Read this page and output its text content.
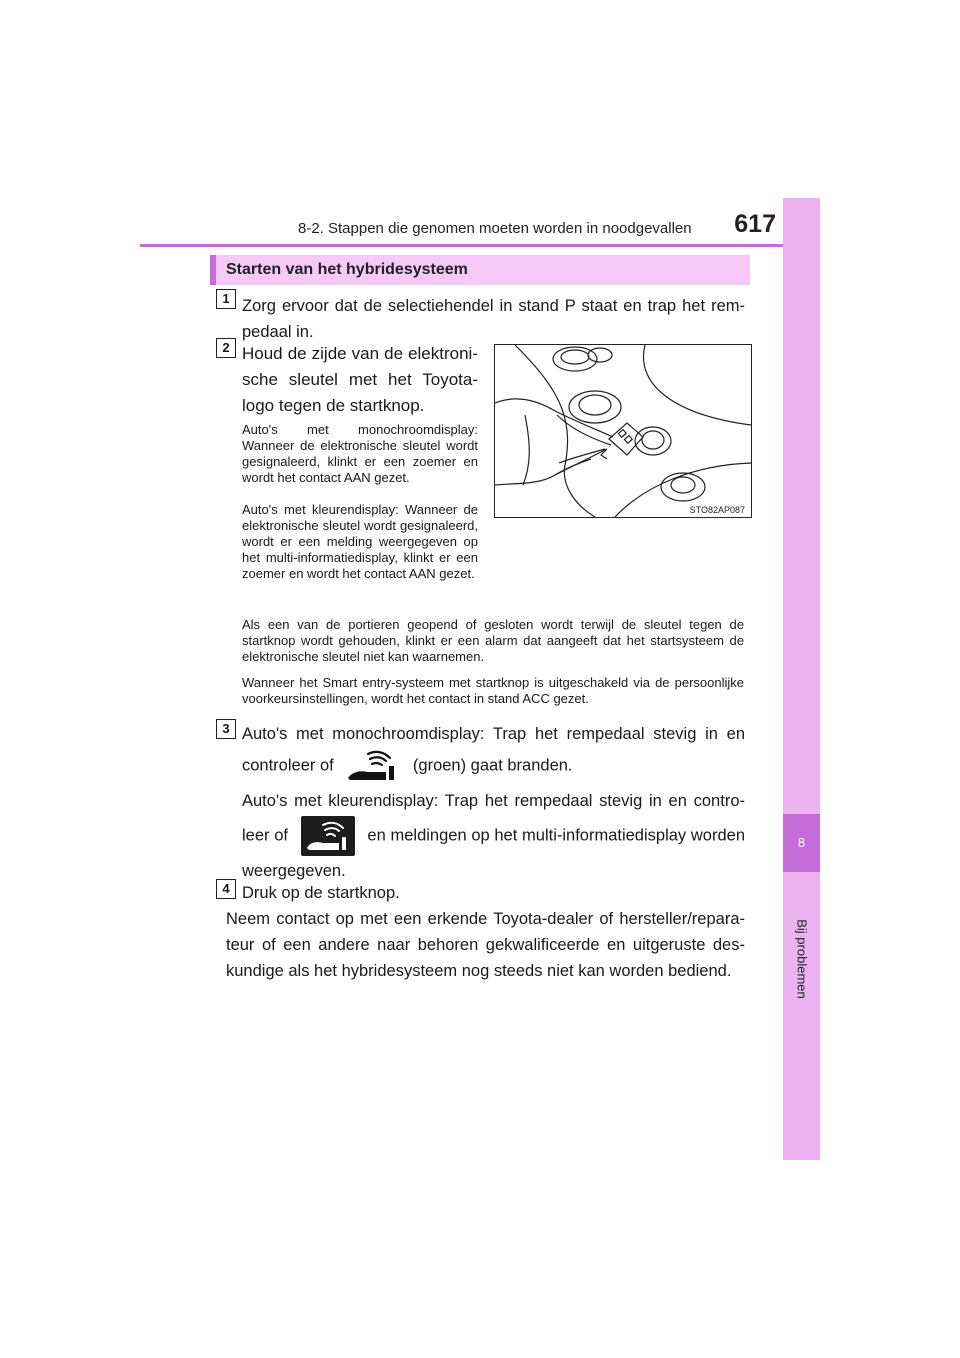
8-2. Stappen die genomen moeten worden in noodgevallen	617
8
Bij problemen
Starten van het hybridesysteem
1 Zorg ervoor dat de selectiehendel in stand P staat en trap het rempedaal in.
2 Houd de zijde van de elektronische sleutel met het Toyota-logo tegen de startknop.
Auto's met monochroomdisplay: Wanneer de elektronische sleutel wordt gesignaleerd, klinkt er een zoemer en wordt het contact AAN gezet.
Auto's met kleurendisplay: Wanneer de elektronische sleutel wordt gesignaleerd, wordt er een melding weergegeven op het multi-informatiedisplay, klinkt er een zoemer en wordt het contact AAN gezet.
STO82AP087
Als een van de portieren geopend of gesloten wordt terwijl de sleutel tegen de startknop wordt gehouden, klinkt er een alarm dat aangeeft dat het startsysteem de elektronische sleutel niet kan waarnemen.
Wanneer het Smart entry-systeem met startknop is uitgeschakeld via de persoonlijke voorkeursinstellingen, wordt het contact in stand ACC gezet.
3 Auto's met monochroomdisplay: Trap het rempedaal stevig in en controleer of	(groen) gaat branden.
Auto's met kleurendisplay: Trap het rempedaal stevig in en controleer of	en meldingen op het multi-informatiedisplay worden weergegeven.
4 Druk op de startknop.
Neem contact op met een erkende Toyota-dealer of hersteller/reparateur of een andere naar behoren gekwalificeerde en uitgeruste deskundige als het hybridesysteem nog steeds niet kan worden bediend.
